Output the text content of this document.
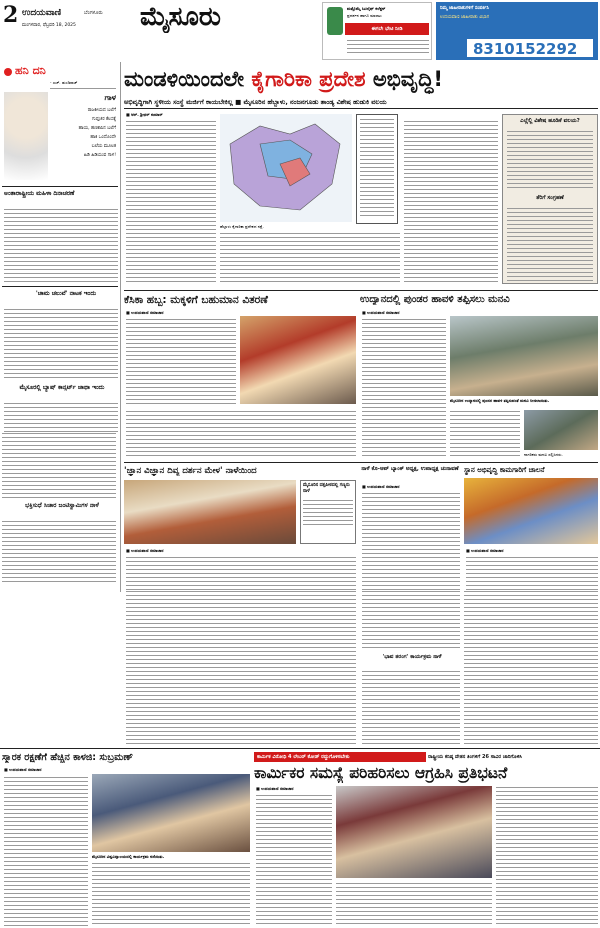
2 ಉದಯವಾಣಿ	ಬೆಂಗಳೂರು
ಮಂಗಳವಾರ, ಫೆಬ್ರವರಿ 18, 2025 ಮೈಸೂರು	ಮತ್ತೊಮ್ಮೆ ಸಿಟಿಲೈಫ್ ಕಲೆಕ್ಷನ್
ಪ್ರದರ್ಶನ ಹಾಗೂ ಮಾರಾಟ
ಈಗಲೇ ಭೇಟಿ ನೀಡಿ
ನಿಮ್ಮ ಜಾಹೀರಾತುಗಳಿಗೆ ಸಂಪರ್ಕಿಸಿ
ಉದಯವಾಣಿ ಜಾಹೀರಾತು ವಿಭಾಗ
8310152292
ಹನಿ ದನಿ
- ಎಚ್. ಡುಂಡಿರಾಜ್
ಗಾಳ
ರಾಜಕೀಯದ ಬಲೆಗೆ
ಗುಪ್ತಚರ ಕೆಲಸಕ್ಕೆ
ಹಾಯ, ಹಣಕಾಸಿನ ಬಲೆಗೆ
ಹಾಕಿ ಒಂದೊಂದೇ
ಬಲೆಯ ಮೂಲಕ
ಹಿಡಿ ಹಿಡಿಯುವ ಗಾಳ!
ಅಂತಾರಾಷ್ಟ್ರೀಯ ಮಹಿಳಾ ದಿನಾಚರಣೆ
'ಚಾಮ ಚಲುವೆ' ನಾಟಕ ಇಂದು
ಮೈಸೂರಲ್ಲಿ ಬ್ಯಾಷ್ ಕಾನ್ಸರ್ಟ್ ಜಾಥಾ ಇಂದು
ಭಕ್ತಿಸುಧೆ ಸಿಚಾರ ಜಂಟಿಸ್ವಾಮಿಗಳ ನಾಳೆ
ಮಂಡಳಿಯಿಂದಲೇ ಕೈಗಾರಿಕಾ ಪ್ರದೇಶ ಅಭಿವೃದ್ಧಿ!
ಅಭಿವೃದ್ಧಿಗಾಗಿ ಸ್ಥಳೀಯ ಸಂಸ್ಥೆ ಮರ್ಜಿಗೆ ಕಾಯಬೇಕಿಲ್ಲ ■ ಮೈಸೂರಿನ ಹೆಬ್ಬಾಳು, ನಂಜನಗೂಡು ತಾಂಡ್ಯ ವಿಶೇಷ ಹುಡುಕಿ ವಲಯ
■ ಆರ್. ಶ್ರೀಧರ್ ಕುಮಾರ್
ಹೆಬ್ಬಾಳು ಕೈಗಾರಿಕಾ ಪ್ರದೇಶದ ನಕ್ಷೆ.
ಎಲ್ಲೆಲ್ಲಿ ವಿಶೇಷ ಹೂಡಿಕೆ ವಲಯ?
ತೆರಿಗೆ ಸಂಗ್ರಹಣೆ
ಕೆಸಿಕಾ ಹಬ್ಬ: ಮಕ್ಕಳಿಗೆ ಬಹುಮಾನ ವಿತರಣೆ
■ ಉದಯವಾಣಿ ಸಮಾಚಾರ
ಉದ್ಯಾನದಲ್ಲಿ ಪುಂಡರ ಹಾವಳಿ ತಪ್ಪಿಸಲು ಮನವಿ
■ ಉದಯವಾಣಿ ಸಮಾಚಾರ
ಮೈಸೂರಿನ ಉದ್ಯಾನದಲ್ಲಿ ಪುಂಡರ ಹಾವಳಿ ತಪ್ಪಿಸುವಂತೆ ಮನವಿ ನೀಡಲಾಯಿತು.
ನಾಗರಿಕರು ಮನವಿ ಸಲ್ಲಿಸಿದರು.
'ಜ್ಞಾನ ವಿಜ್ಞಾನ ದಿವ್ಯ ದರ್ಶನ ಮೇಳ' ನಾಳೆಯಿಂದ
ಮೈಸೂರಿನ ದತ್ತಪೀಠದಲ್ಲಿ ಗಣ್ಯರು ನಾಳೆ
■ ಉದಯವಾಣಿ ಸಮಾಚಾರ
ನಾಳೆ ಕೊ-ಆಪ್ ಬ್ಯಾಂಕ್ ಅಧ್ಯಕ್ಷ, ಉಪಾಧ್ಯಕ್ಷ ಚುನಾವಣೆ
■ ಉದಯವಾಣಿ ಸಮಾಚಾರ
ಸ್ಥಾನ ಅಭಿವೃದ್ಧಿ ಕಾಮಗಾರಿಗೆ ಚಾಲನೆ
■ ಉದಯವಾಣಿ ಸಮಾಚಾರ
'ಭಾವ ತರಂಗ' ಕಾರ್ಯಕ್ರಮ ನಾಳೆ
ಸ್ಮಾರಕ ರಕ್ಷಣೆಗೆ ಹೆಚ್ಚಿನ ಕಾಳಜಿ: ಸುಬ್ರಮಣ್
■ ಉದಯವಾಣಿ ಸಮಾಚಾರ
ಮೈಸೂರಿನ ವಿಶ್ವವಿದ್ಯಾಲಯದಲ್ಲಿ ಕಾರ್ಯಕ್ರಮ ನಡೆಯಿತು.
ಕಾರ್ಮಿಕ ವಿರೋಧಿ 4 ಲೇಬರ್ ಕೋಡ್ ರದ್ದುಗೊಳಿಸಬೇಕು	ರಾಷ್ಟ್ರೀಯ ಕನಿಷ್ಠ ವೇತನ ತಿಂಗಳಿಗೆ 26 ಸಾವಿರ ಜಾರಿಗೊಳಿಸಿ
ಕಾರ್ಮಿಕರ ಸಮಸ್ಯೆ ಪರಿಹರಿಸಲು ಆಗ್ರಹಿಸಿ ಪ್ರತಿಭಟನೆ
■ ಉದಯವಾಣಿ ಸಮಾಚಾರ
